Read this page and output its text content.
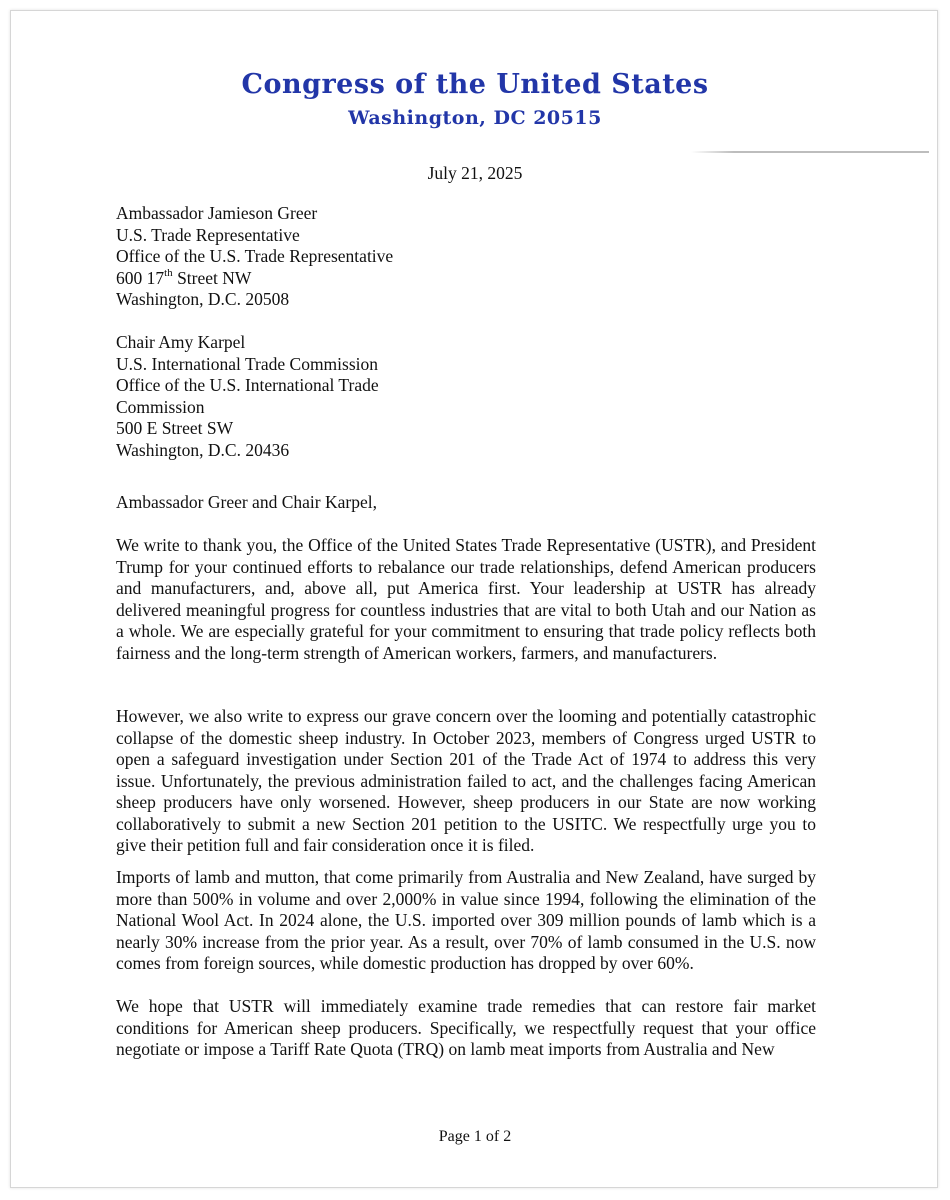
Congress of the United States
Washington, DC 20515
July 21, 2025
Ambassador Jamieson Greer
U.S. Trade Representative
Office of the U.S. Trade Representative
600 17th Street NW
Washington, D.C. 20508
Chair Amy Karpel
U.S. International Trade Commission
Office of the U.S. International Trade
Commission
500 E Street SW
Washington, D.C. 20436
Ambassador Greer and Chair Karpel,

We write to thank you, the Office of the United States Trade Representative (USTR), and President Trump for your continued efforts to rebalance our trade relationships, defend American producers and manufacturers, and, above all, put America first. Your leadership at USTR has already delivered meaningful progress for countless industries that are vital to both Utah and our Nation as a whole. We are especially grateful for your commitment to ensuring that trade policy reflects both fairness and the long-term strength of American workers, farmers, and manufacturers.

However, we also write to express our grave concern over the looming and potentially catastrophic collapse of the domestic sheep industry. In October 2023, members of Congress urged USTR to open a safeguard investigation under Section 201 of the Trade Act of 1974 to address this very issue. Unfortunately, the previous administration failed to act, and the challenges facing American sheep producers have only worsened. However, sheep producers in our State are now working collaboratively to submit a new Section 201 petition to the USITC. We respectfully urge you to give their petition full and fair consideration once it is filed.

Imports of lamb and mutton, that come primarily from Australia and New Zealand, have surged by more than 500% in volume and over 2,000% in value since 1994, following the elimination of the National Wool Act. In 2024 alone, the U.S. imported over 309 million pounds of lamb which is a nearly 30% increase from the prior year. As a result, over 70% of lamb consumed in the U.S. now comes from foreign sources, while domestic production has dropped by over 60%.

We hope that USTR will immediately examine trade remedies that can restore fair market conditions for American sheep producers. Specifically, we respectfully request that your office negotiate or impose a Tariff Rate Quota (TRQ) on lamb meat imports from Australia and New

Page 1 of 2
